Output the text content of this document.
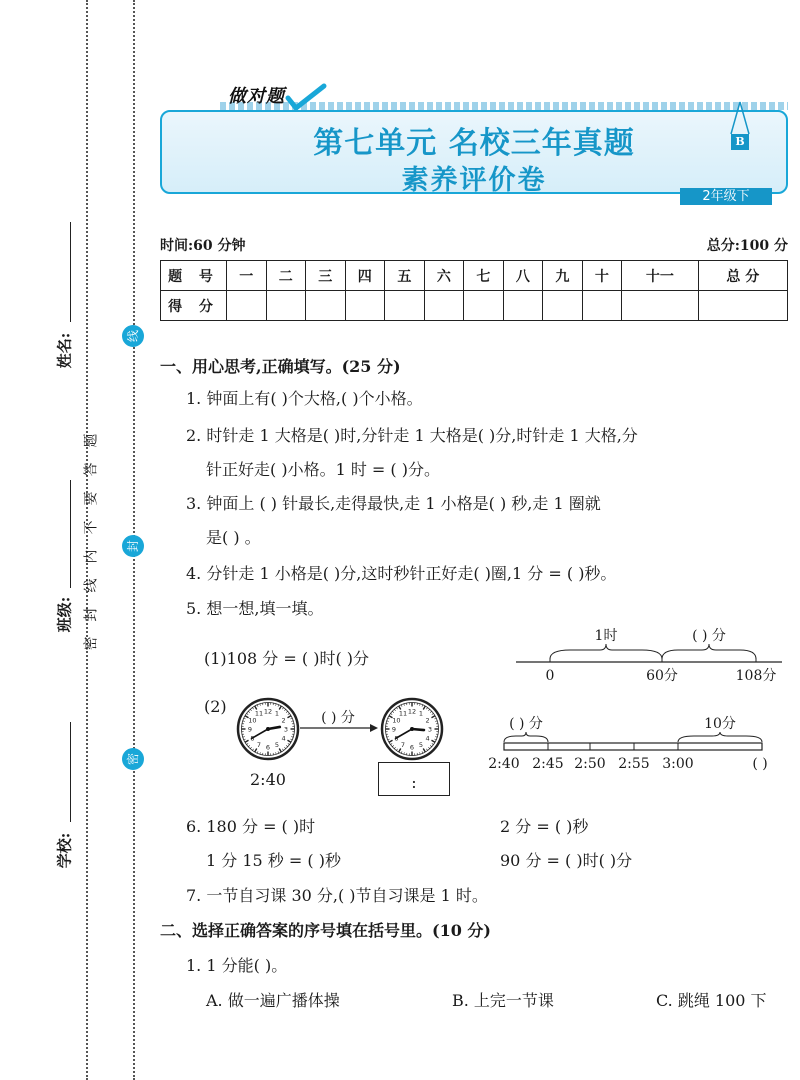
姓名:
班级:
学校:
题
答
要
不
内
线
封
密
线
封
密
做对题
第七单元 名校三年真题
素养评价卷
B
2年级下
时间:60 分钟	总分:100 分
题 号	一	二	三	四	五	六	七	八	九	十	十一	总 分
得 分												
一、用心思考,正确填写。(25 分)
1. 钟面上有( )个大格,( )个小格。
2. 时针走 1 大格是( )时,分针走 1 大格是( )分,时针走 1 大格,分
针正好走( )小格。1 时 = ( )分。
3. 钟面上 ( ) 针最长,走得最快,走 1 小格是( ) 秒,走 1 圈就
是( ) 。
4. 分针走 1 小格是( )分,这时秒针正好走( )圈,1 分 = ( )秒。
5. 想一想,填一填。
(1)108 分 = ( )时( )分
1时	( ) 分
0	60分	108分
(2)	12 1
2
3
4
5
6
7
9
10
11	( ) 分	12 1
2
3
4
5
6
7
9
10
11
2:40	:
( ) 分	10分
2:40 2:45 2:50 2:55 3:00	( )
6. 180 分 = ( )时	2 分 = ( )秒
1 分 15 秒 = ( )秒	90 分 = ( )时( )分
7. 一节自习课 30 分,( )节自习课是 1 时。
二、选择正确答案的序号填在括号里。(10 分)
1. 1 分能( )。
A. 做一遍广播体操	B. 上完一节课	C. 跳绳 100 下
